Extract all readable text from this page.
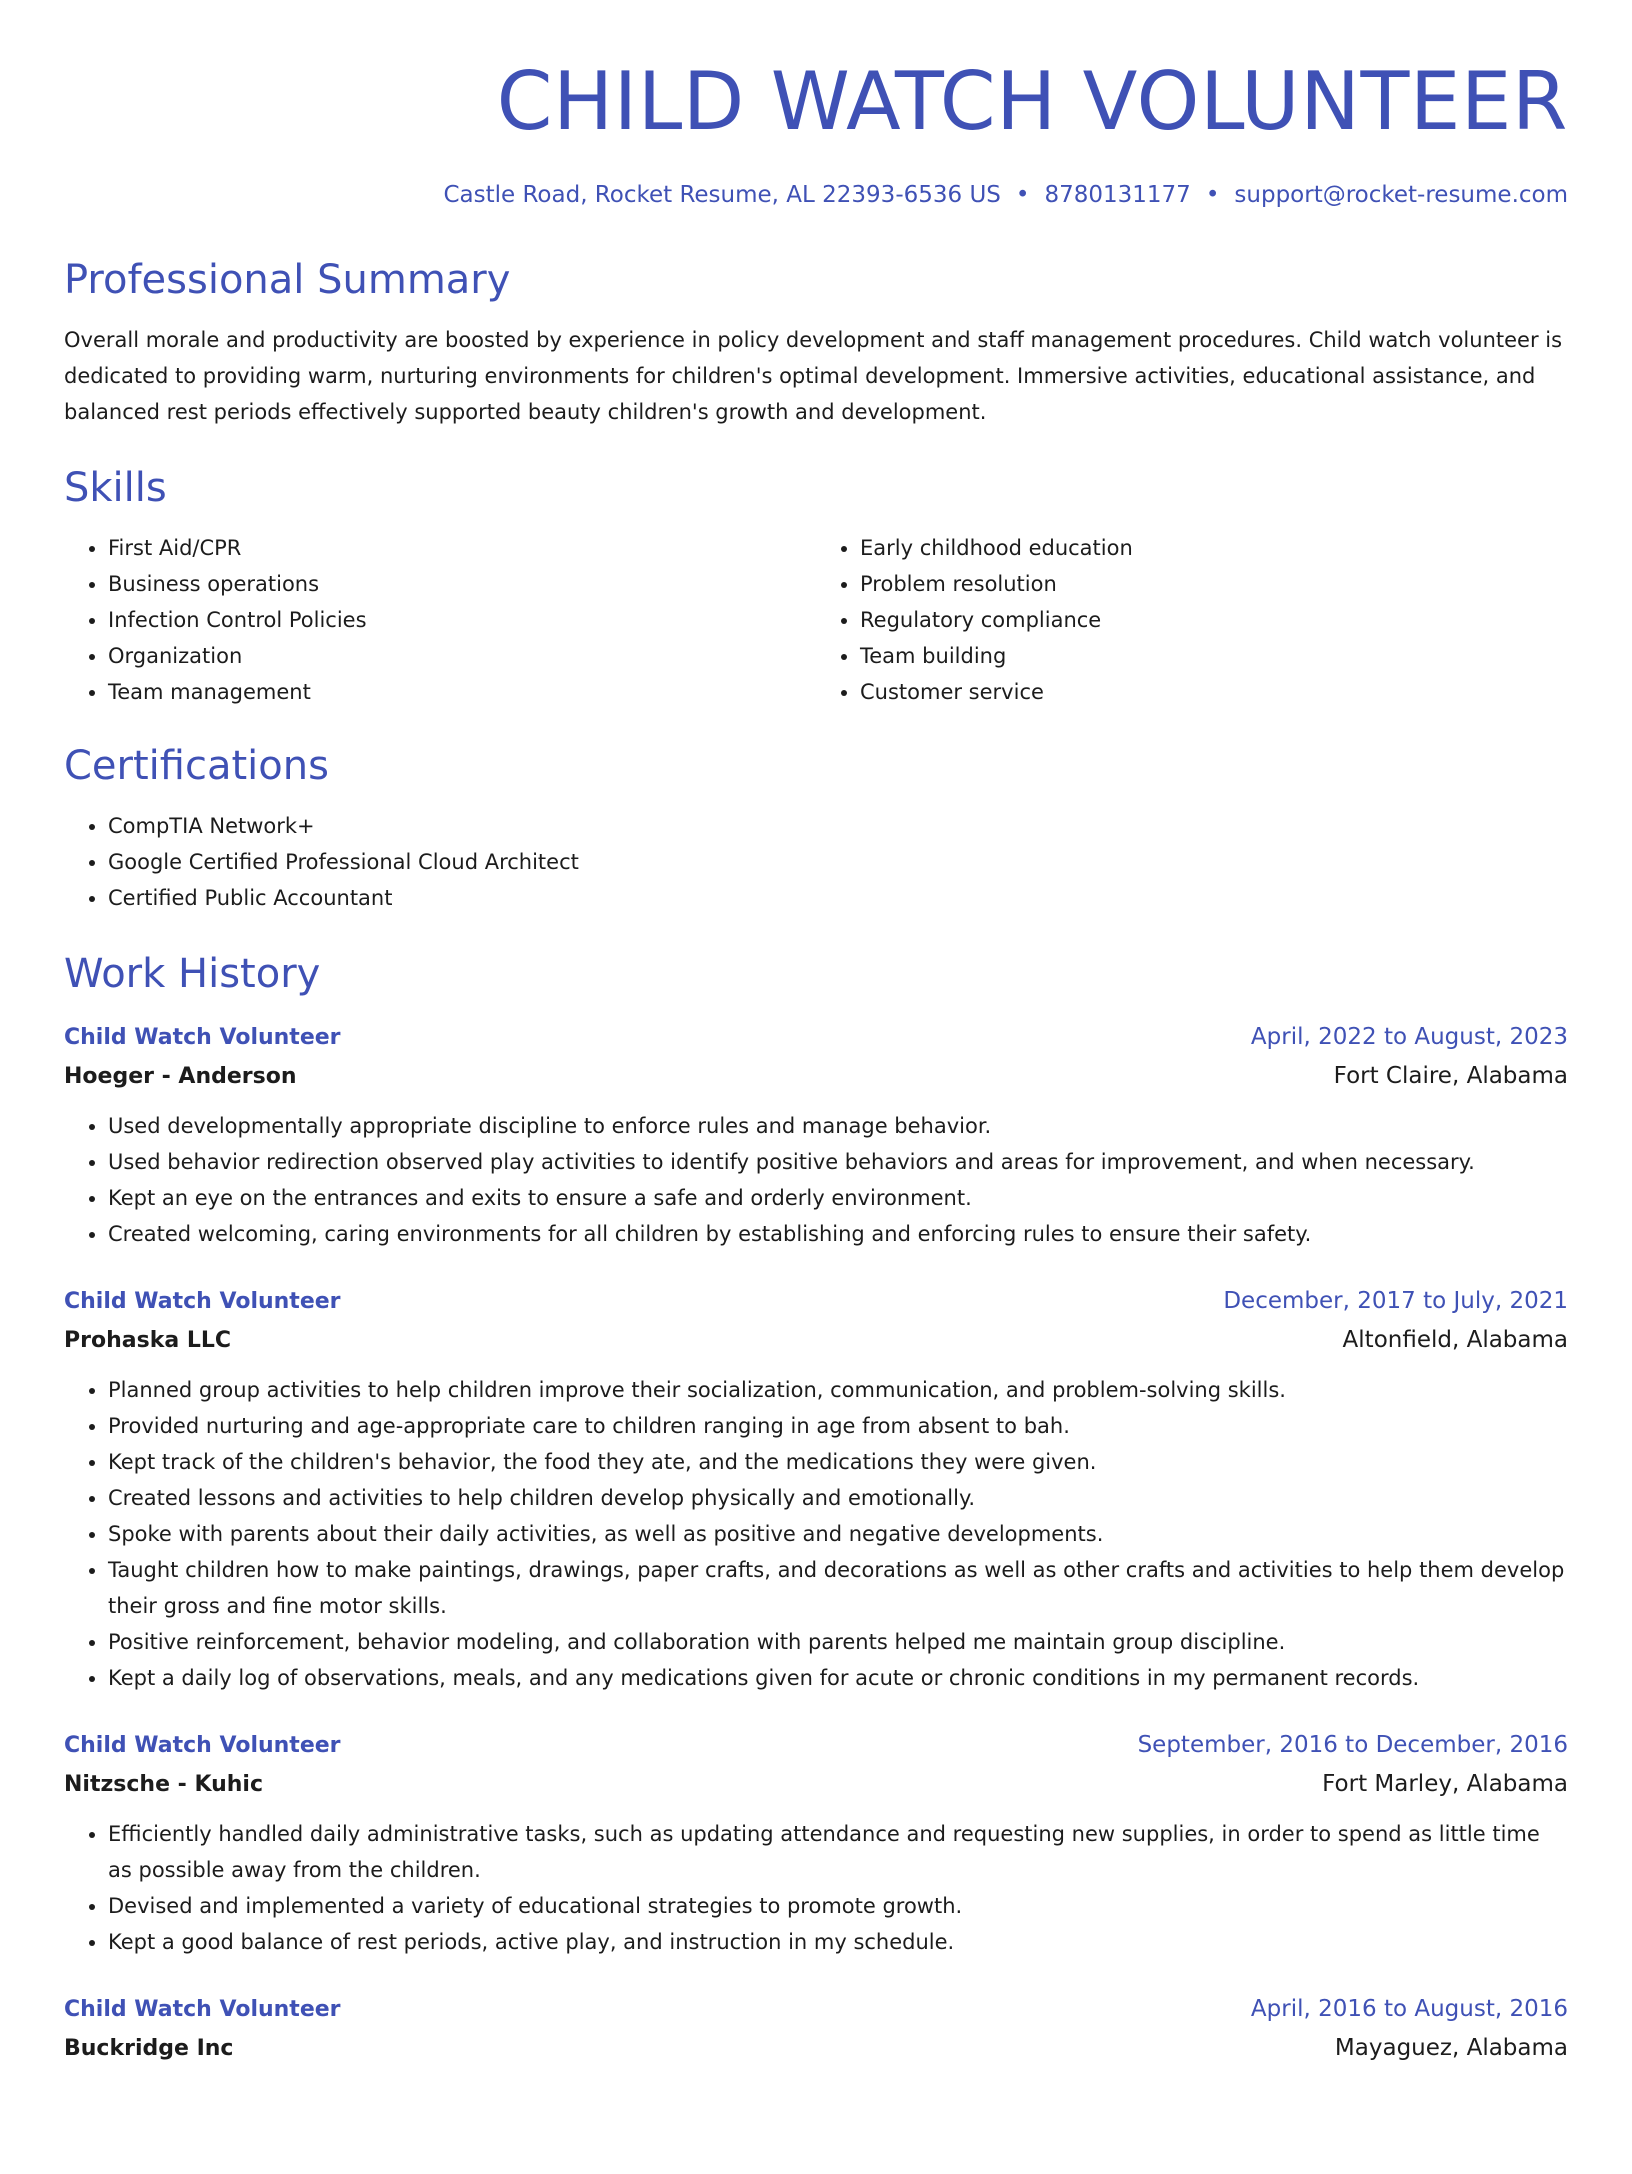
CHILD WATCH VOLUNTEER
Castle Road, Rocket Resume, AL 22393-6536 US • 8780131177 • support@rocket-resume.com
Professional Summary
Overall morale and productivity are boosted by experience in policy development and staff management procedures. Child watch volunteer is dedicated to providing warm, nurturing environments for children's optimal development. Immersive activities, educational assistance, and balanced rest periods effectively supported beauty children's growth and development.
Skills
• First Aid/CPR
• Business operations
• Infection Control Policies
• Organization
• Team management
• Early childhood education
• Problem resolution
• Regulatory compliance
• Team building
• Customer service
Certifications
• CompTIA Network+
• Google Certified Professional Cloud Architect
• Certified Public Accountant
Work History
Child Watch Volunteer	April, 2022 to August, 2023
Hoeger - Anderson	Fort Claire, Alabama
• Used developmentally appropriate discipline to enforce rules and manage behavior.
• Used behavior redirection observed play activities to identify positive behaviors and areas for improvement, and when necessary.
• Kept an eye on the entrances and exits to ensure a safe and orderly environment.
• Created welcoming, caring environments for all children by establishing and enforcing rules to ensure their safety.
Child Watch Volunteer	December, 2017 to July, 2021
Prohaska LLC	Altonfield, Alabama
• Planned group activities to help children improve their socialization, communication, and problem-solving skills.
• Provided nurturing and age-appropriate care to children ranging in age from absent to bah.
• Kept track of the children's behavior, the food they ate, and the medications they were given.
• Created lessons and activities to help children develop physically and emotionally.
• Spoke with parents about their daily activities, as well as positive and negative developments.
• Taught children how to make paintings, drawings, paper crafts, and decorations as well as other crafts and activities to help them develop their gross and fine motor skills.
• Positive reinforcement, behavior modeling, and collaboration with parents helped me maintain group discipline.
• Kept a daily log of observations, meals, and any medications given for acute or chronic conditions in my permanent records.
Child Watch Volunteer	September, 2016 to December, 2016
Nitzsche - Kuhic	Fort Marley, Alabama
• Efficiently handled daily administrative tasks, such as updating attendance and requesting new supplies, in order to spend as little time as possible away from the children.
• Devised and implemented a variety of educational strategies to promote growth.
• Kept a good balance of rest periods, active play, and instruction in my schedule.
Child Watch Volunteer	April, 2016 to August, 2016
Buckridge Inc	Mayaguez, Alabama
